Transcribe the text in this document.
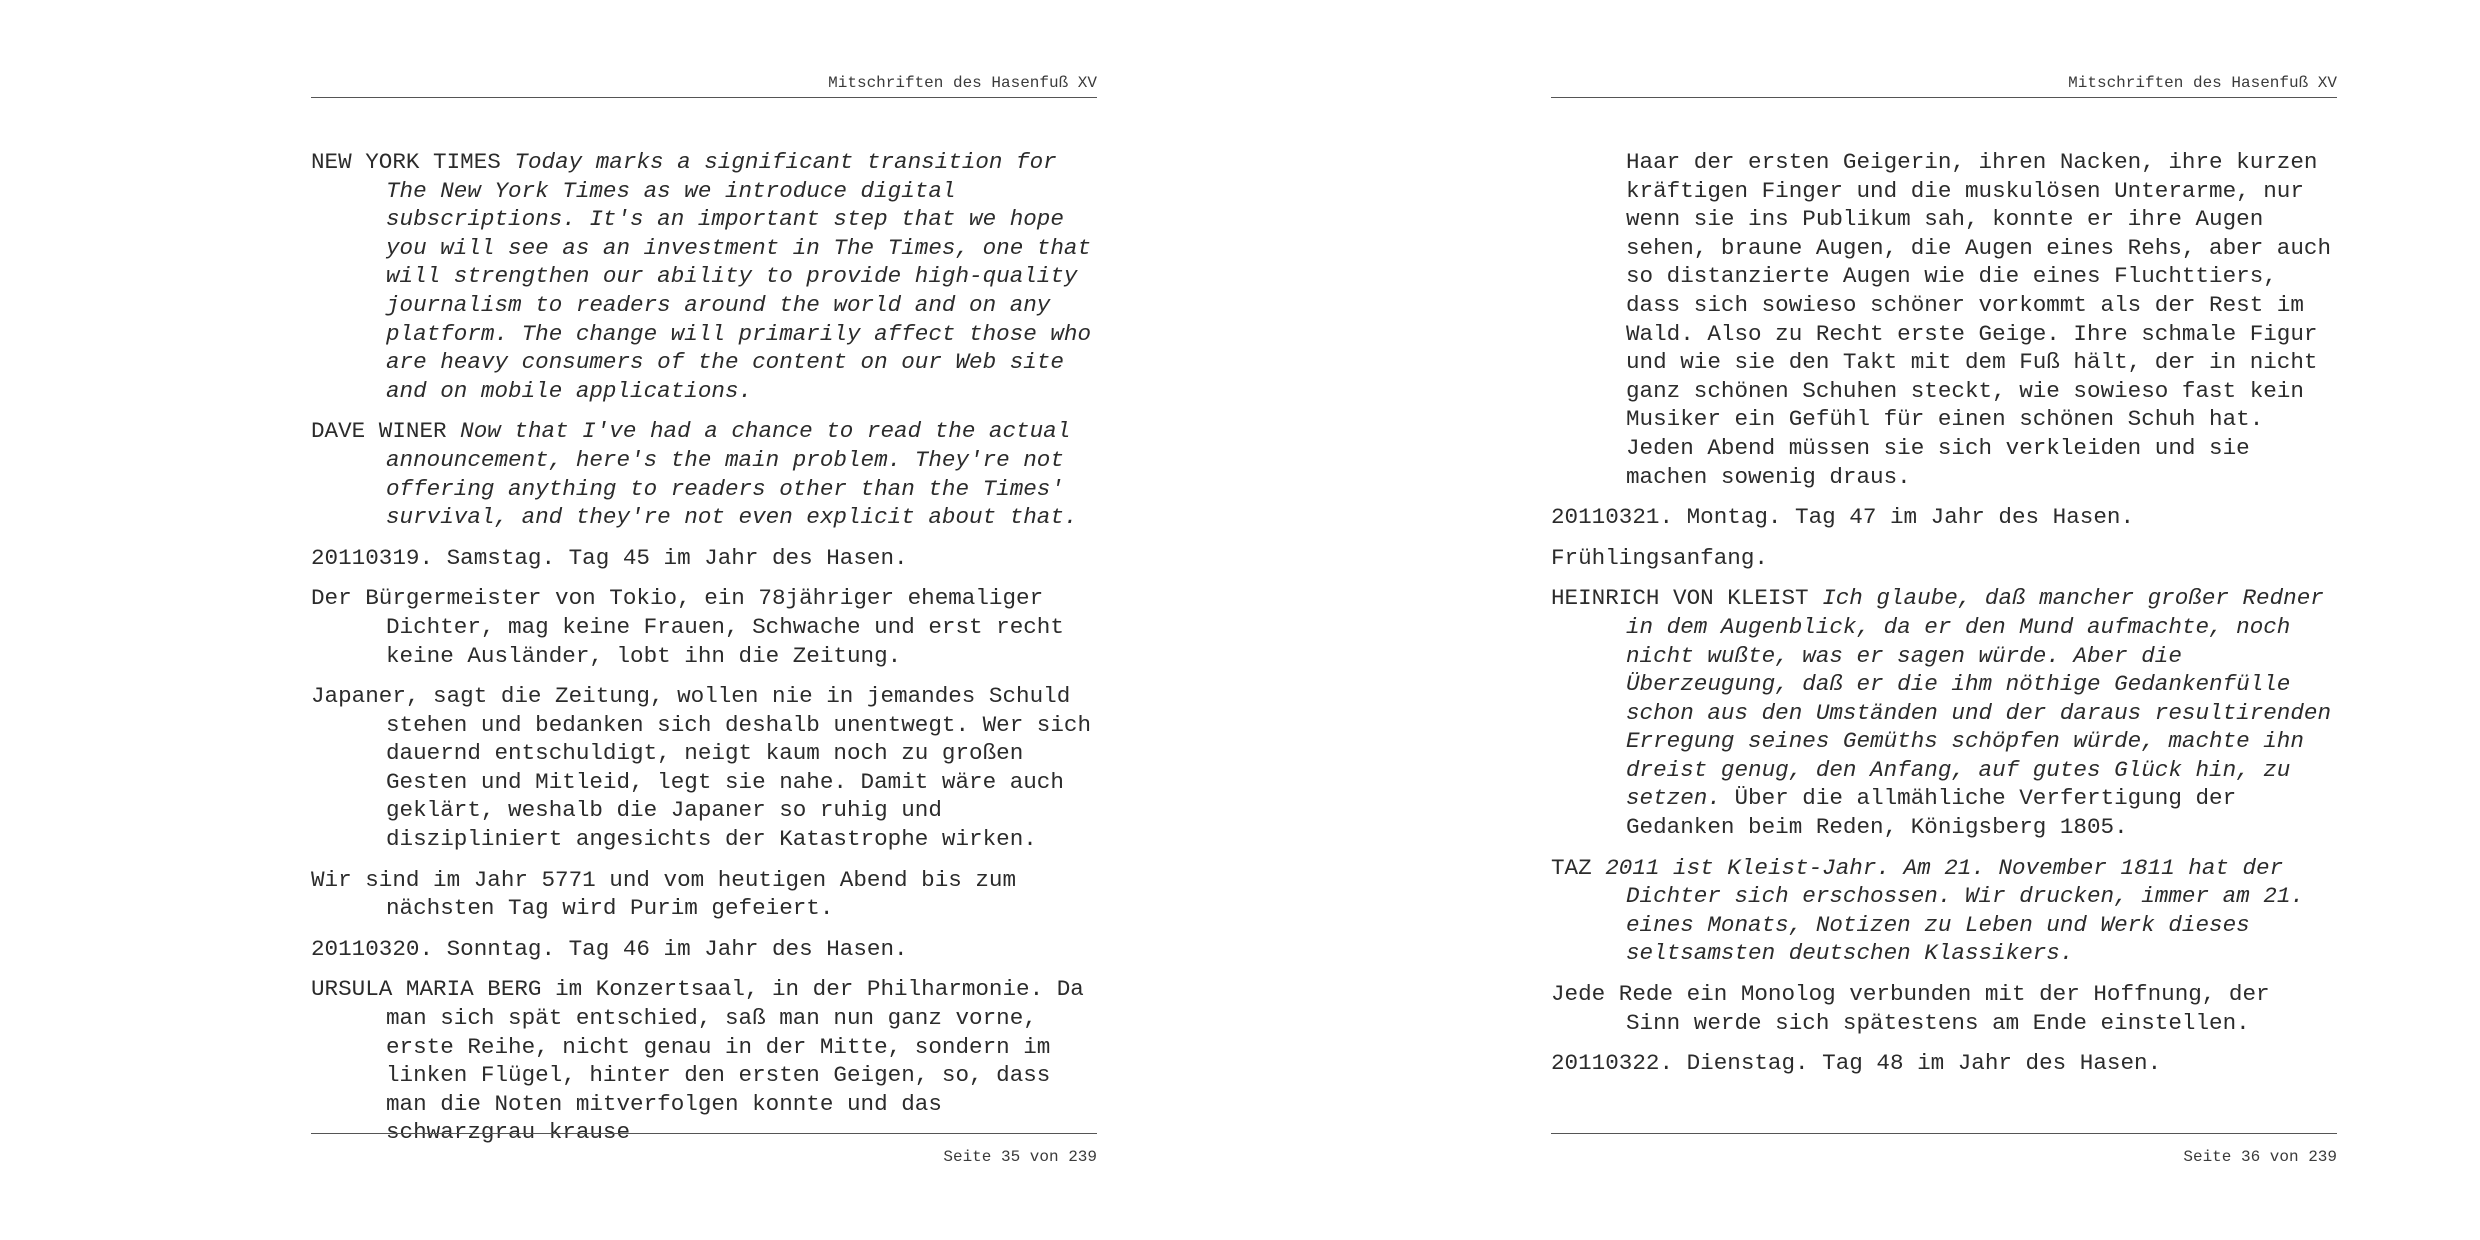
Mitschriften des Hasenfuß XV

NEW YORK TIMES Today marks a significant transition for The New York Times as we introduce digital subscriptions. It's an important step that we hope you will see as an investment in The Times, one that will strengthen our ability to provide high-quality journalism to readers around the world and on any platform. The change will primarily affect those who are heavy consumers of the content on our Web site and on mobile applications.

DAVE WINER Now that I've had a chance to read the actual announcement, here's the main problem. They're not offering anything to readers other than the Times' survival, and they're not even explicit about that.

20110319. Samstag. Tag 45 im Jahr des Hasen.

Der Bürgermeister von Tokio, ein 78jähriger ehemaliger Dichter, mag keine Frauen, Schwache und erst recht keine Ausländer, lobt ihn die Zeitung.

Japaner, sagt die Zeitung, wollen nie in jemandes Schuld stehen und bedanken sich deshalb unentwegt. Wer sich dauernd entschuldigt, neigt kaum noch zu großen Gesten und Mitleid, legt sie nahe. Damit wäre auch geklärt, weshalb die Japaner so ruhig und diszipliniert angesichts der Katastrophe wirken.

Wir sind im Jahr 5771 und vom heutigen Abend bis zum nächsten Tag wird Purim gefeiert.

20110320. Sonntag. Tag 46 im Jahr des Hasen.

URSULA MARIA BERG im Konzertsaal, in der Philharmonie. Da man sich spät entschied, saß man nun ganz vorne, erste Reihe, nicht genau in der Mitte, sondern im linken Flügel, hinter den ersten Geigen, so, dass man die Noten mitverfolgen konnte und das schwarzgrau krause

Seite 35 von 239
Mitschriften des Hasenfuß XV

Haar der ersten Geigerin, ihren Nacken, ihre kurzen kräftigen Finger und die muskulösen Unterarme, nur wenn sie ins Publikum sah, konnte er ihre Augen sehen, braune Augen, die Augen eines Rehs, aber auch so distanzierte Augen wie die eines Fluchttiers, dass sich sowieso schöner vorkommt als der Rest im Wald. Also zu Recht erste Geige. Ihre schmale Figur und wie sie den Takt mit dem Fuß hält, der in nicht ganz schönen Schuhen steckt, wie sowieso fast kein Musiker ein Gefühl für einen schönen Schuh hat. Jeden Abend müssen sie sich verkleiden und sie machen sowenig draus.

20110321. Montag. Tag 47 im Jahr des Hasen.

Frühlingsanfang.

HEINRICH VON KLEIST Ich glaube, daß mancher großer Redner in dem Augenblick, da er den Mund aufmachte, noch nicht wußte, was er sagen würde. Aber die Überzeugung, daß er die ihm nöthige Gedankenfülle schon aus den Umständen und der daraus resultirenden Erregung seines Gemüths schöpfen würde, machte ihn dreist genug, den Anfang, auf gutes Glück hin, zu setzen. Über die allmähliche Verfertigung der Gedanken beim Reden, Königsberg 1805.

TAZ 2011 ist Kleist-Jahr. Am 21. November 1811 hat der Dichter sich erschossen. Wir drucken, immer am 21. eines Monats, Notizen zu Leben und Werk dieses seltsamsten deutschen Klassikers.

Jede Rede ein Monolog verbunden mit der Hoffnung, der Sinn werde sich spätestens am Ende einstellen.

20110322. Dienstag. Tag 48 im Jahr des Hasen.

Seite 36 von 239
